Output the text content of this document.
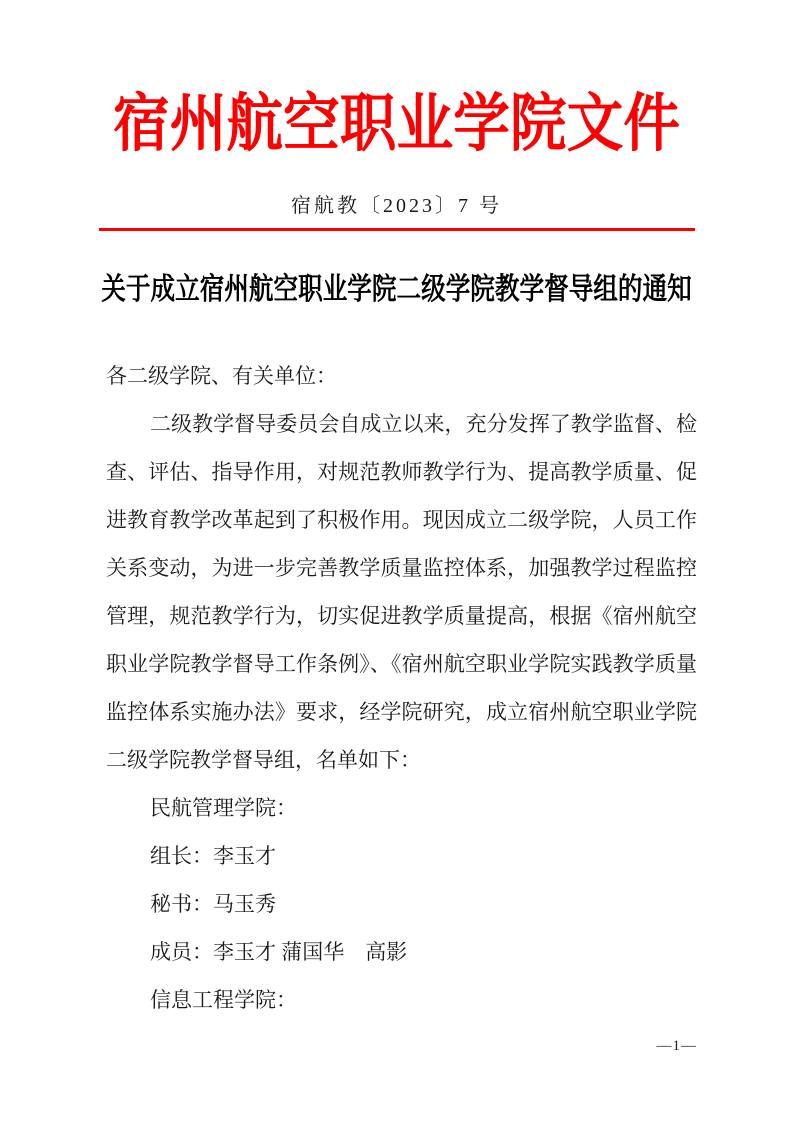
宿州航空职业学院文件
宿航教〔2023〕7 号
关于成立宿州航空职业学院二级学院教学督导组的通知

各二级学院、有关单位：

二级教学督导委员会自成立以来，充分发挥了教学监督、检查、评估、指导作用，对规范教师教学行为、提高教学质量、促进教育教学改革起到了积极作用。现因成立二级学院，人员工作关系变动，为进一步完善教学质量监控体系，加强教学过程监控管理，规范教学行为，切实促进教学质量提高，根据《宿州航空职业学院教学督导工作条例》、《宿州航空职业学院实践教学质量监控体系实施办法》要求，经学院研究，成立宿州航空职业学院二级学院教学督导组，名单如下：

民航管理学院：

组长：李玉才

秘书：马玉秀

成员：李玉才 蒲国华　高影

信息工程学院：

—1—
